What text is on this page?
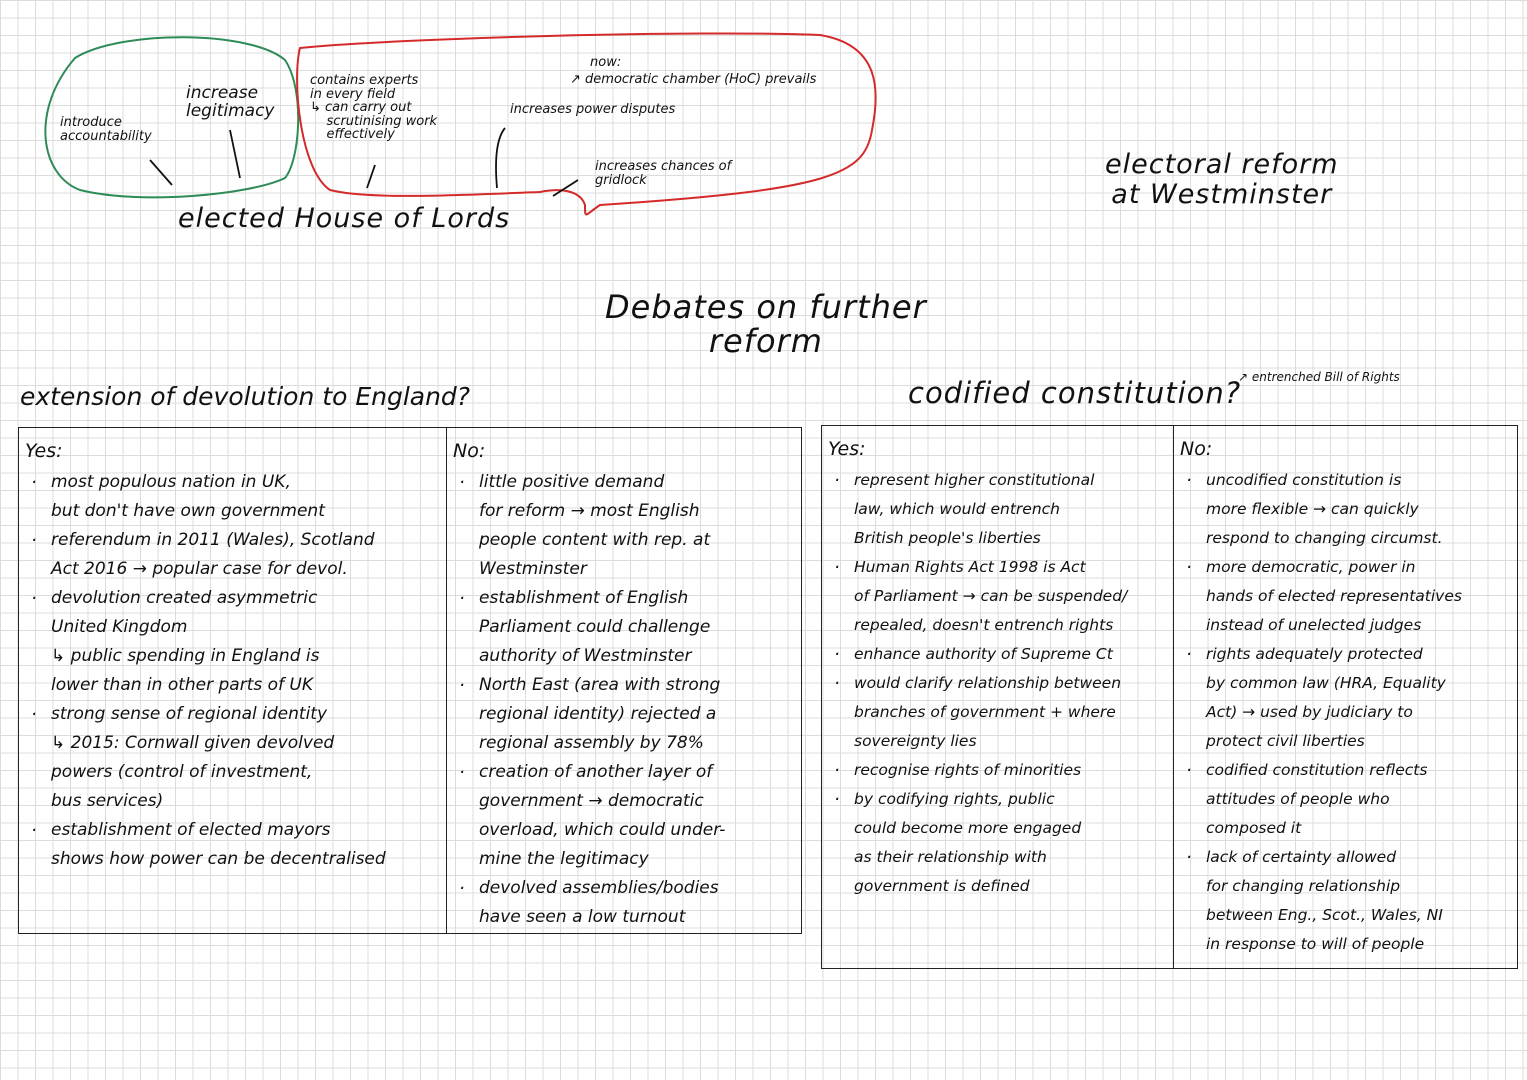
introduce
accountability
increase
legitimacy
contains experts
in every field
↳ can carry out
scrutinising work
effectively
now:
↗ democratic chamber (HoC) prevails
increases power disputes
increases chances of
gridlock
elected House of Lords
electoral reform
at Westminster
Debates on further
reform
extension of devolution to England?
Yes:
· most populous nation in UK,
but don't have own government
· referendum in 2011 (Wales), Scotland
Act 2016 → popular case for devol.
· devolution created asymmetric
United Kingdom
↳ public spending in England is
lower than in other parts of UK
· strong sense of regional identity
↳ 2015: Cornwall given devolved
powers (control of investment,
bus services)
· establishment of elected mayors
shows how power can be decentralised
No:
· little positive demand
for reform → most English
people content with rep. at
Westminster
· establishment of English
Parliament could challenge
authority of Westminster
· North East (area with strong
regional identity) rejected a
regional assembly by 78%
· creation of another layer of
government → democratic
overload, which could under-
mine the legitimacy
· devolved assemblies/bodies
have seen a low turnout
codified constitution?
↗ entrenched Bill of Rights
Yes:
· represent higher constitutional
law, which would entrench
British people's liberties
· Human Rights Act 1998 is Act
of Parliament → can be suspended/
repealed, doesn't entrench rights
· enhance authority of Supreme Ct
· would clarify relationship between
branches of government + where
sovereignty lies
· recognise rights of minorities
· by codifying rights, public
could become more engaged
as their relationship with
government is defined
No:
· uncodified constitution is
more flexible → can quickly
respond to changing circumst.
· more democratic, power in
hands of elected representatives
instead of unelected judges
· rights adequately protected
by common law (HRA, Equality
Act) → used by judiciary to
protect civil liberties
· codified constitution reflects
attitudes of people who
composed it
· lack of certainty allowed
for changing relationship
between Eng., Scot., Wales, NI
in response to will of people
